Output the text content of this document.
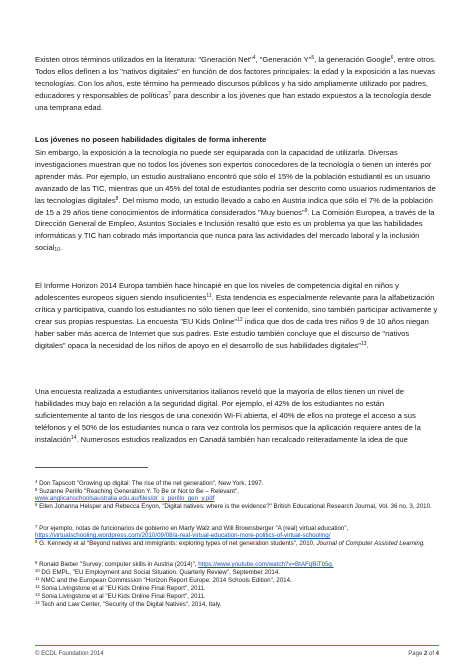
Existen otros términos utilizados en la literatura: "Gneración Net"$^4$, "Generación Y"$^5$, la generación Google$^6$, entre otros. Todos ellos definen a los "nativos digitales" en función de dos factores principales: la edad y la exposición a las nuevas tecnologías. Con los años, este término ha permeado discursos públicos y ha sido ampliamente utilizado por padres, educadores y responsables de políticas$^7$ para describir a los jóvenes que han estado expuestos a la tecnología desde una temprana edad.

Los jóvenes no poseen habilidades digitales de forma inherente

Sin embargo, la exposición a la tecnología no puede ser equiparada con la capacidad de utilizarla. Diversas investigaciones muestran que no todos los jóvenes son expertos conocedores de la tecnología o tienen un interés por aprender más. Por ejemplo, un estudio australiano encontró que sólo el 15% de la población estudiantil es un usuario avanzado de las TIC, mientras que un 45% del total de estudiantes podría ser descrito como usuarios rudimentarios de las tecnologías digitales$^8$. Del mismo modo, un estudio llevado a cabo en Austria indica que sólo el 7% de la población de 15 a 29 años tiene conocimientos de informática considerados "Muy buenos"$^9$. La Comisión Europea, a través de la Dirección General de Empleo, Asuntos Sociales e Inclusión resaltó que esto es un problema ya que las habilidades informáticas y TIC han cobrado más importancia que nunca para las actividades del mercado laboral y la inclusión social$_{10}$.

El Informe Horizon 2014 Europa también hace hincapié en que los niveles de competencia digital en niños y adolescentes europeos siguen siendo insuficientes$^{11}$. Esta tendencia es especialmente relevante para la alfabetización crítica y participativa, cuando los estudiantes no sólo tienen que leer el contenido, sino también participar activamente y crear sus propias respuestas. La encuesta "EU Kids Online"$^{12}$ indica que dos de cada tres niños 9 de 10 años niegan haber saber más acerca de Internet que sus padres. Este estudio también concluye que el discurso de "nativos digitales" opaca la necesidad de los niños de apoyo en el desarrollo de sus habilidades digitales"$^{13}$.

Una encuesta realizada a estudiantes universitarios italianos reveló que la mayoría de ellos tienen un nivel de habilidades muy bajo en relación a la seguridad digital. Por ejemplo, el 42% de los estudiantes no están suficientemente al tanto de los riesgos de una conexión Wi-Fi abierta, el 40% de ellos no protege el acceso a sus teléfonos y el 50% de los estudiantes nunca o rara vez controla los permisos que la aplicación requiere antes de la instalación$^{14}$. Numerosos estudios realizados en Canadá también han recalcado reiteradamente la idea de que

$^4$ Don Tapscott "Growing up digital: The rise of the net generation", New York, 1997.

$^5$ Suzanne Perillo "Reaching Generation Y. To Be or Not to Be – Relevant",
www.anglicanschoolsaustralia.edu.au/files/dr_s_perillo_gen_y.pdf

$^6$ Ellen Johanna Helsper and Rebecca Enyon, "Digital natives: where is the evidence?" British Educational Research Journal, Vol. 36 no. 3, 2010.

$^7$ Por ejemplo, notas de funcionarios de gobierno en Marty Walz and Will Brownsberger "A (real) virtual education",
https://virtualschooling.wordpress.com/2010/09/08/a-real-virtual-education-more-politics-of-virtual-schooling/

$^8$ G. Kennedy et al "Beyond natives and immigrants: exploring types of net generation students", 2010, Journal of Computer Assisted Learning.

$^9$ Ronald Bieber "Survey: computer skills in Austria (2014)", https://www.youtube.com/watch?v=BtAFqBiTb5g.

$^{10}$ DG EMPL, "EU Employment and Social Situation. Quarterly Review", September 2014.

$^{11}$ NMC and the European Commission "Horizon Report Europe: 2014 Schools Edition", 2014.

$^{12}$ Sonia Livingstone et al "EU Kids Online Final Report", 2011.

$^{13}$ Sonia Livingstone et al "EU Kids Online Final Report", 2011.

$^{14}$ Tech and Law Center, "Security of the Digital Natives", 2014, Italy.

© ECDL Foundation 2014	Page 2 of 4
